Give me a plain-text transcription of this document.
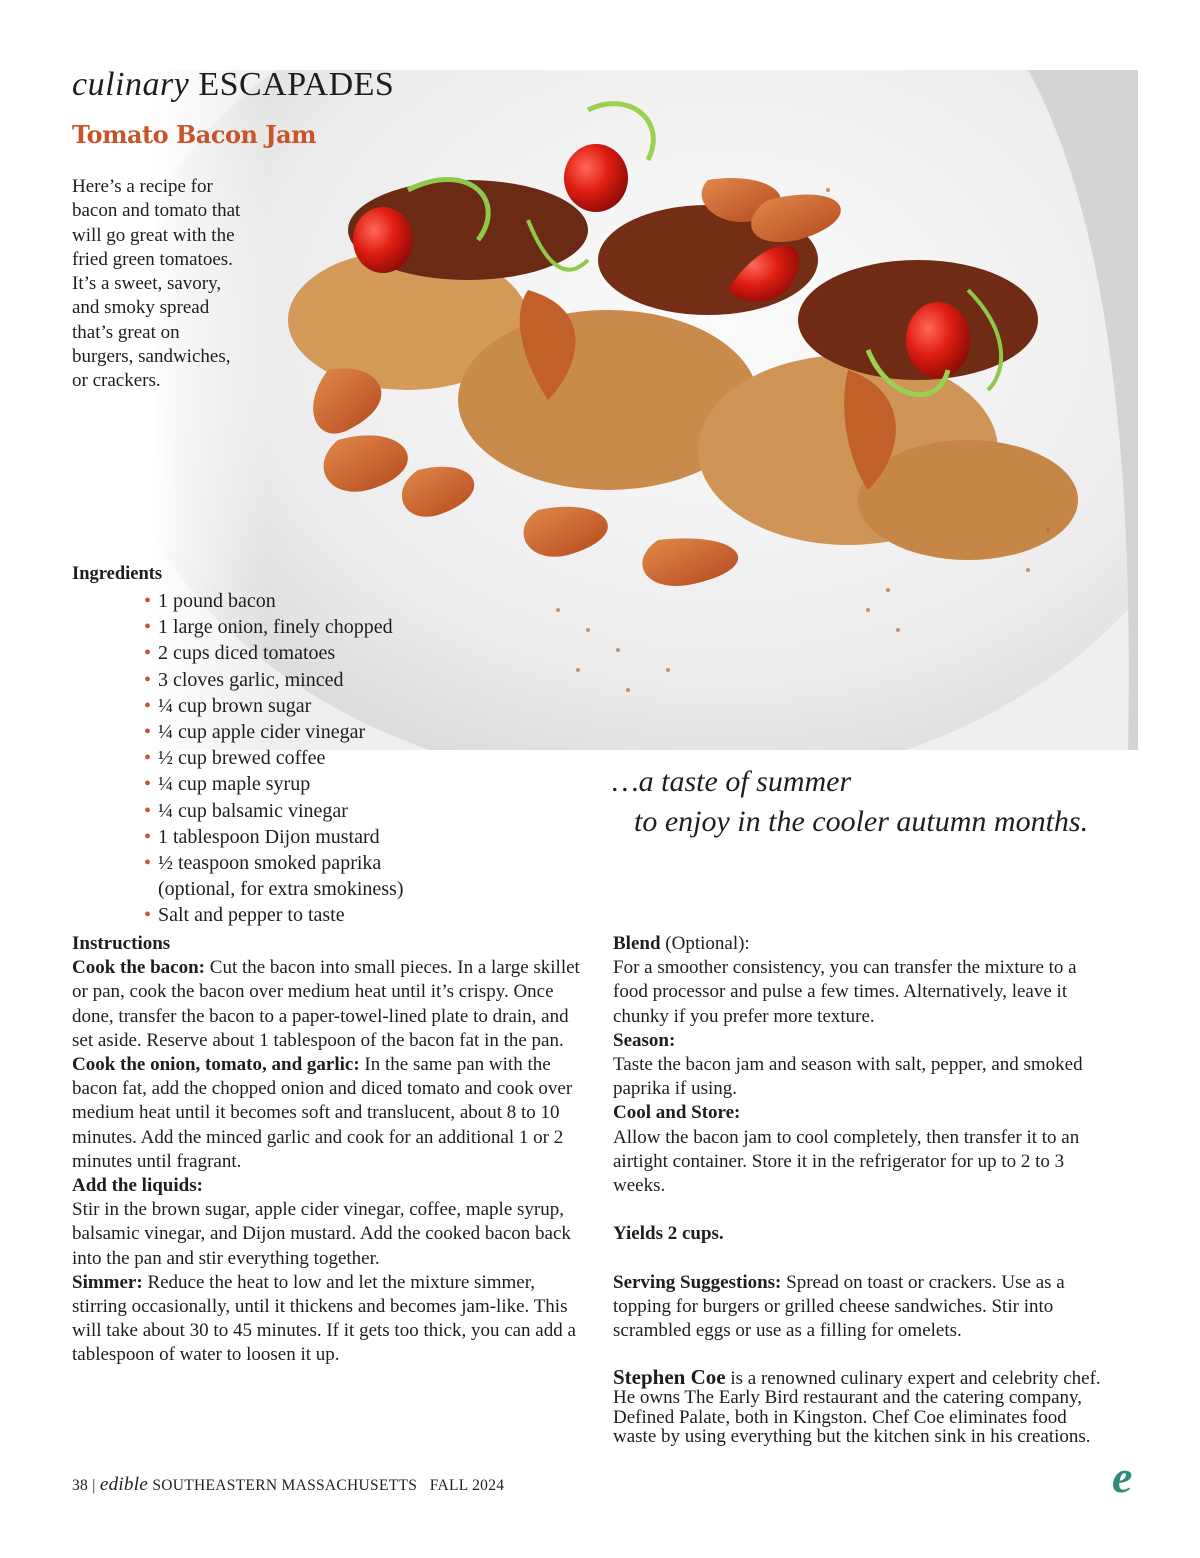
culinary ESCAPADES
Tomato Bacon Jam

Here’s a recipe for bacon and tomato that will go great with the fried green tomatoes. It’s a sweet, savory, and smoky spread that’s great on burgers, sandwiches, or crackers.

Ingredients
• 1 pound bacon
• 1 large onion, finely chopped
• 2 cups diced tomatoes
• 3 cloves garlic, minced
• ¼ cup brown sugar
• ¼ cup apple cider vinegar
• ½ cup brewed coffee
• ¼ cup maple syrup
• ¼ cup balsamic vinegar
• 1 tablespoon Dijon mustard
• ½ teaspoon smoked paprika
(optional, for extra smokiness)
• Salt and pepper to taste
…a taste of summer
to enjoy in the cooler autumn months.

Instructions

Cook the bacon: Cut the bacon into small pieces. In a large skillet or pan, cook the bacon over medium heat until it’s crispy. Once done, transfer the bacon to a paper-towel-lined plate to drain, and set aside. Reserve about 1 tablespoon of the bacon fat in the pan.

Cook the onion, tomato, and garlic: In the same pan with the bacon fat, add the chopped onion and diced tomato and cook over medium heat until it becomes soft and translucent, about 8 to 10 minutes. Add the minced garlic and cook for an additional 1 or 2 minutes until fragrant.

Add the liquids:

Stir in the brown sugar, apple cider vinegar, coffee, maple syrup, balsamic vinegar, and Dijon mustard. Add the cooked bacon back into the pan and stir everything together.

Simmer: Reduce the heat to low and let the mixture simmer, stirring occasionally, until it thickens and becomes jam-like. This will take about 30 to 45 minutes. If it gets too thick, you can add a tablespoon of water to loosen it up.

Blend (Optional):

For a smoother consistency, you can transfer the mixture to a food processor and pulse a few times. Alternatively, leave it chunky if you prefer more texture.

Season:

Taste the bacon jam and season with salt, pepper, and smoked paprika if using.

Cool and Store:

Allow the bacon jam to cool completely, then transfer it to an airtight container. Store it in the refrigerator for up to 2 to 3 weeks.

Yields 2 cups.

Serving Suggestions: Spread on toast or crackers. Use as a topping for burgers or grilled cheese sandwiches. Stir into scrambled eggs or use as a filling for omelets.

Stephen Coe is a renowned culinary expert and celebrity chef. He owns The Early Bird restaurant and the catering company, Defined Palate, both in Kingston. Chef Coe eliminates food waste by using everything but the kitchen sink in his creations.

38 | edible SOUTHEASTERN MASSACHUSETTS FALL 2024	e
